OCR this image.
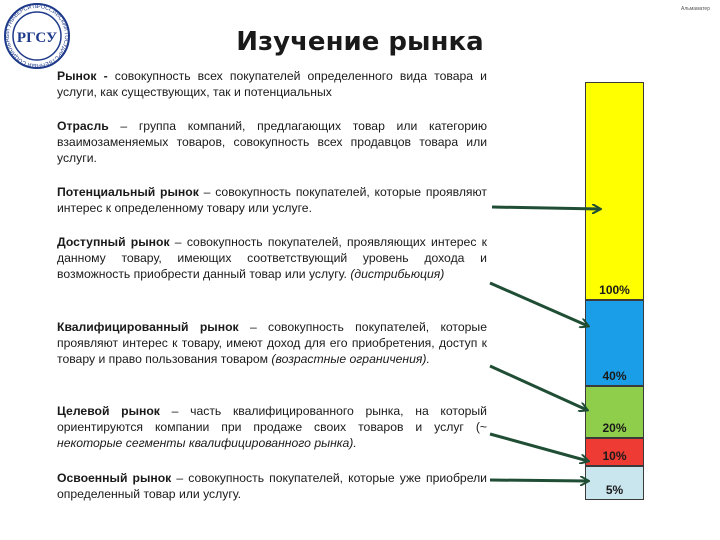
РОССИЙСКИЙ ГОСУДАРСТВЕННЫЙ СОЦИАЛЬНЫЙ УНИВЕРСИТЕ
РГСУ
Альмаматер
Изучение рынка

Рынок - совокупность всех покупателей определенного вида товара и услуги, как существующих, так и потенциальных

Отрасль – группа компаний, предлагающих товар или категорию взаимозаменяемых товаров, совокупность всех продавцов товара или услуги.

Потенциальный рынок – совокупность покупателей, которые проявляют интерес к определенному товару или услуге.

Доступный рынок – совокупность покупателей, проявляющих интерес к данному товару, имеющих соответствующий уровень дохода и возможность приобрести данный товар или услугу. (дистрибьюция)

Квалифицированный рынок – совокупность покупателей, которые проявляют интерес к товару, имеют доход для его приобретения, доступ к товару и право пользования товаром (возрастные ограничения).

Целевой рынок – часть квалифицированного рынка, на который ориентируются компании при продаже своих товаров и услуг (~ некоторые сегменты квалифицированного рынка).

Освоенный рынок – совокупность покупателей, которые уже приобрели определенный товар или услугу.

100%
40%
20%
10%
5%
